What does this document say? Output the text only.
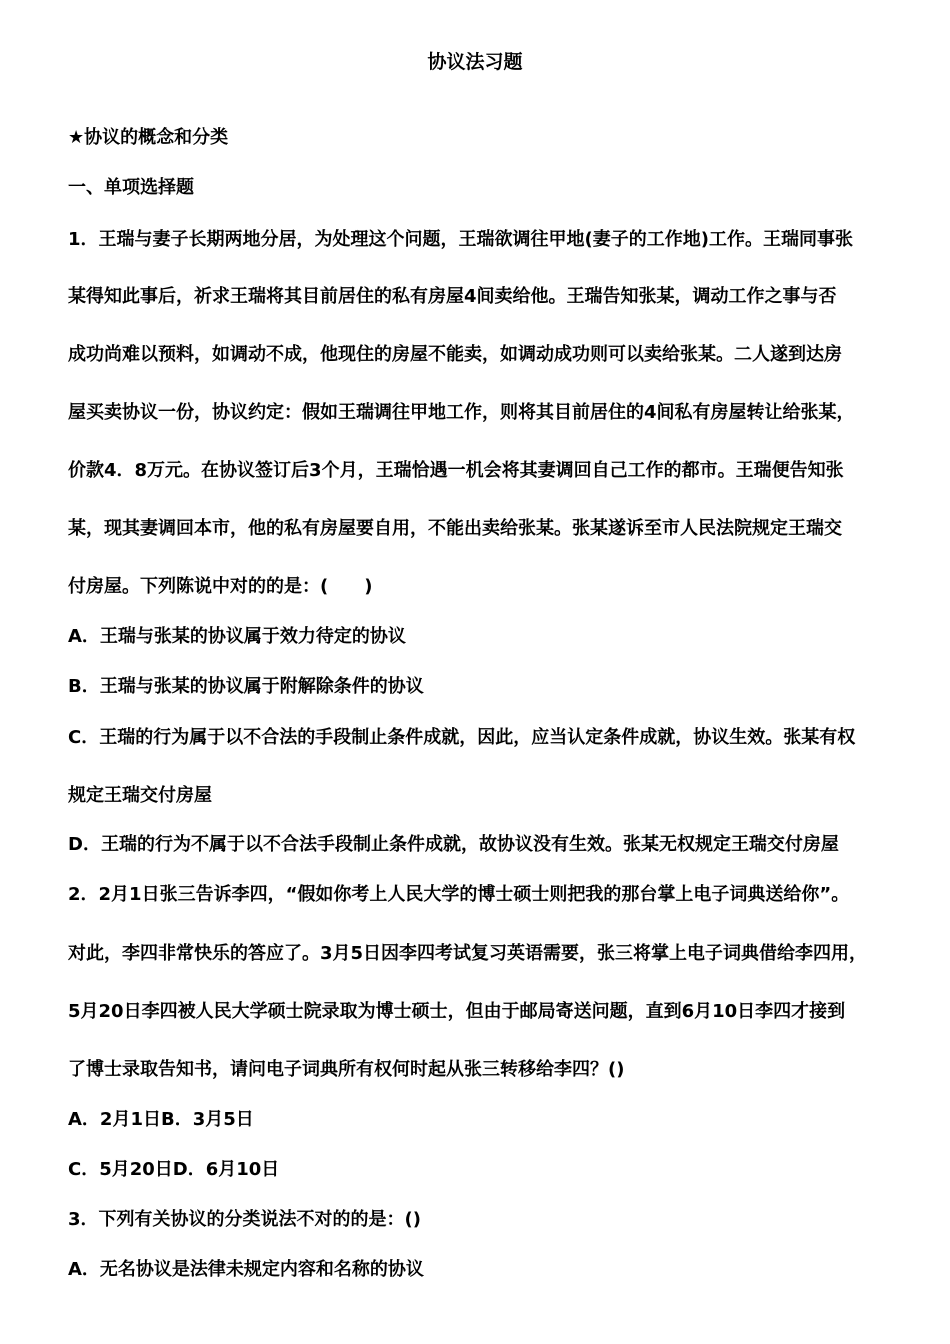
协议法习题
★协议的概念和分类
一、单项选择题
1．王瑞与妻子长期两地分居，为处理这个问题，王瑞欲调往甲地(妻子的工作地)工作。王瑞同事张
某得知此事后，祈求王瑞将其目前居住的私有房屋4间卖给他。王瑞告知张某，调动工作之事与否
成功尚难以预料，如调动不成，他现住的房屋不能卖，如调动成功则可以卖给张某。二人遂到达房
屋买卖协议一份，协议约定：假如王瑞调往甲地工作，则将其目前居住的4间私有房屋转让给张某，
价款4．8万元。在协议签订后3个月，王瑞恰遇一机会将其妻调回自己工作的都市。王瑞便告知张
某，现其妻调回本市，他的私有房屋要自用，不能出卖给张某。张某遂诉至市人民法院规定王瑞交
付房屋。下列陈说中对的的是：(　　)
A．王瑞与张某的协议属于效力待定的协议
B．王瑞与张某的协议属于附解除条件的协议
C．王瑞的行为属于以不合法的手段制止条件成就，因此，应当认定条件成就，协议生效。张某有权
规定王瑞交付房屋
D．王瑞的行为不属于以不合法手段制止条件成就，故协议没有生效。张某无权规定王瑞交付房屋
2．2月1日张三告诉李四，“假如你考上人民大学的博士硕士则把我的那台掌上电子词典送给你”。
对此，李四非常快乐的答应了。3月5日因李四考试复习英语需要，张三将掌上电子词典借给李四用，
5月20日李四被人民大学硕士院录取为博士硕士，但由于邮局寄送问题，直到6月10日李四才接到
了博士录取告知书，请问电子词典所有权何时起从张三转移给李四？()
A．2月1日B．3月5日
C．5月20日D．6月10日
3．下列有关协议的分类说法不对的的是：()
A．无名协议是法律未规定内容和名称的协议
